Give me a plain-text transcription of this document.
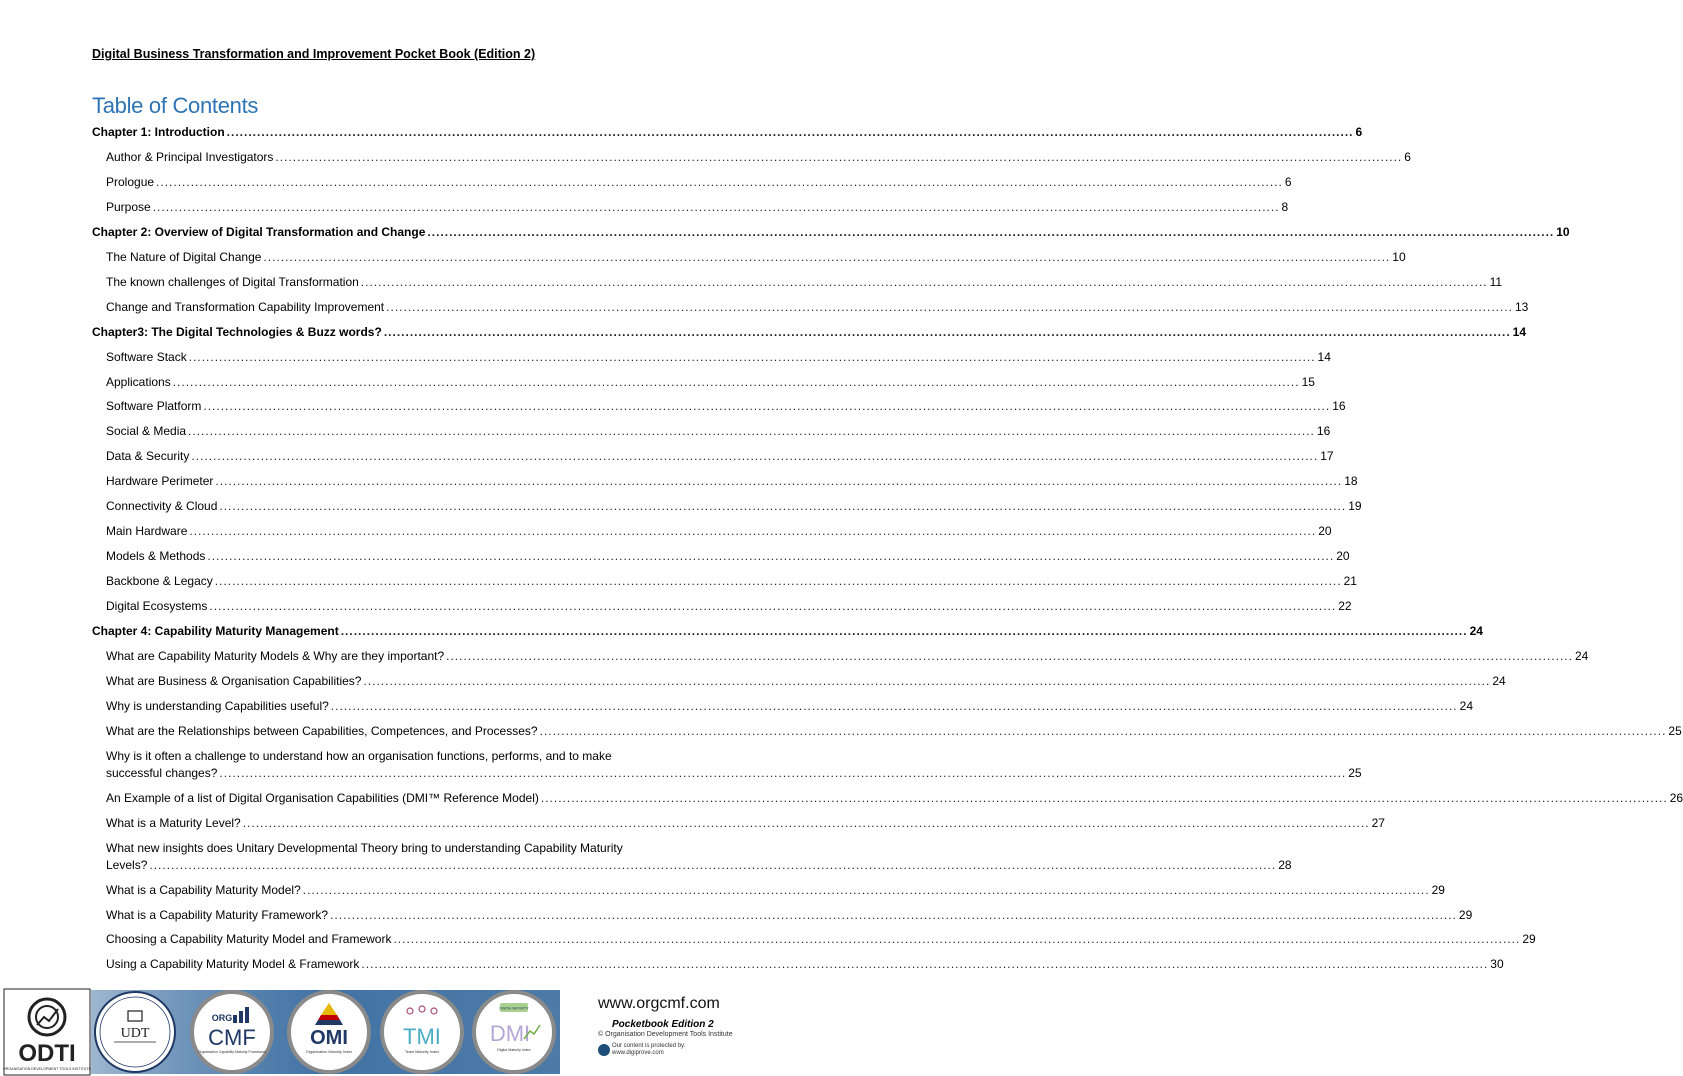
Digital Business Transformation and Improvement Pocket Book (Edition 2)
Table of Contents
Chapter 1: Introduction .................................................................................................................................................................................................................................................................... 6
Author & Principal Investigators .................................................................................................................................................................................................................................................................... 6
Prologue .................................................................................................................................................................................................................................................................... 6
Purpose .................................................................................................................................................................................................................................................................... 8
Chapter 2: Overview of Digital Transformation and Change .................................................................................................................................................................................................................................................................... 10
The Nature of Digital Change .................................................................................................................................................................................................................................................................... 10
The known challenges of Digital Transformation .................................................................................................................................................................................................................................................................... 11
Change and Transformation Capability Improvement .................................................................................................................................................................................................................................................................... 13
Chapter3: The Digital Technologies & Buzz words? .................................................................................................................................................................................................................................................................... 14
Software Stack .................................................................................................................................................................................................................................................................... 14
Applications .................................................................................................................................................................................................................................................................... 15
Software Platform .................................................................................................................................................................................................................................................................... 16
Social & Media .................................................................................................................................................................................................................................................................... 16
Data & Security .................................................................................................................................................................................................................................................................... 17
Hardware Perimeter .................................................................................................................................................................................................................................................................... 18
Connectivity & Cloud .................................................................................................................................................................................................................................................................... 19
Main Hardware .................................................................................................................................................................................................................................................................... 20
Models & Methods .................................................................................................................................................................................................................................................................... 20
Backbone & Legacy .................................................................................................................................................................................................................................................................... 21
Digital Ecosystems .................................................................................................................................................................................................................................................................... 22
Chapter 4: Capability Maturity Management .................................................................................................................................................................................................................................................................... 24
What are Capability Maturity Models & Why are they important? .................................................................................................................................................................................................................................................................... 24
What are Business & Organisation Capabilities? .................................................................................................................................................................................................................................................................... 24
Why is understanding Capabilities useful? .................................................................................................................................................................................................................................................................... 24
What are the Relationships between Capabilities, Competences, and Processes? .................................................................................................................................................................................................................................................................... 25
Why is it often a challenge to understand how an organisation functions, performs, and to make
successful changes? .................................................................................................................................................................................................................................................................... 25
An Example of a list of Digital Organisation Capabilities (DMI™ Reference Model) .................................................................................................................................................................................................................................................................... 26
What is a Maturity Level? .................................................................................................................................................................................................................................................................... 27
What new insights does Unitary Developmental Theory bring to understanding Capability Maturity
Levels? .................................................................................................................................................................................................................................................................... 28
What is a Capability Maturity Model? .................................................................................................................................................................................................................................................................... 29
What is a Capability Maturity Framework? .................................................................................................................................................................................................................................................................... 29
Choosing a Capability Maturity Model and Framework .................................................................................................................................................................................................................................................................... 29
Using a Capability Maturity Model & Framework .................................................................................................................................................................................................................................................................... 30
ODTI
ORGANISATION DEVELOPMENT TOOLS INSTITUTE
UDT
ORG
CMF
Organisation Capability Maturity Framework
OMI
Organisation Maturity Index
TMI
Team Maturity Index
DIGITAL MATURITY
DMI
Digital Maturity Index
www.orgcmf.com
Pocketbook Edition 2
© Organisation Development Tools Institute
Our content is protected by:
www.digiprove.com
